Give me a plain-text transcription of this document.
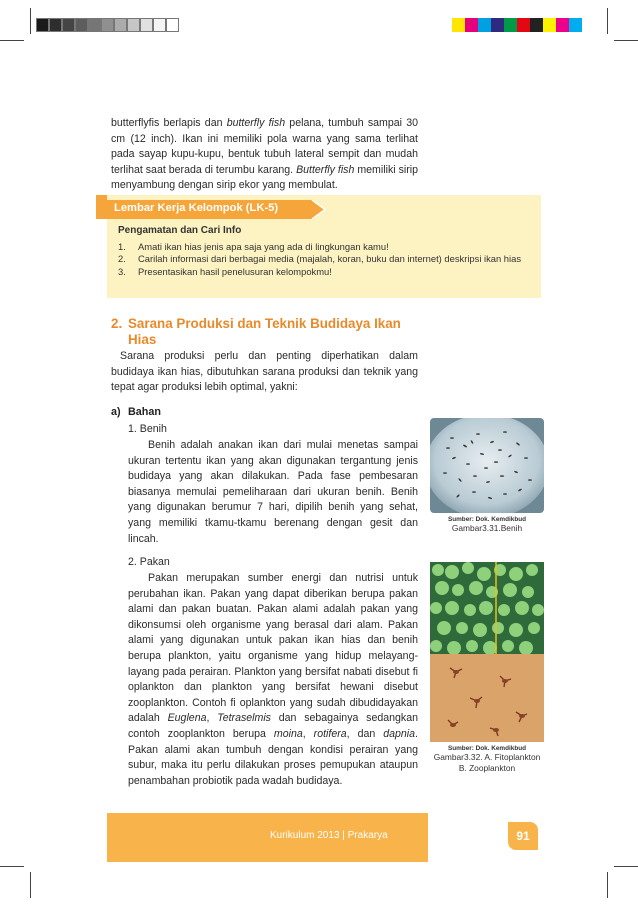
butterflyfis berlapis dan butterfly fish pelana, tumbuh sampai 30 cm (12 inch). Ikan ini memiliki pola warna yang sama terlihat pada sayap kupu-kupu, bentuk tubuh lateral sempit dan mudah terlihat saat berada di terumbu karang. Butterfly fish memiliki sirip menyambung dengan sirip ekor yang membulat.

Lembar Kerja Kelompok (LK-5)
Pengamatan dan Cari Info
1.	Amati ikan hias jenis apa saja yang ada di lingkungan kamu!
2.	Carilah informasi dari berbagai media (majalah, koran, buku dan internet) deskripsi ikan hias
3.	Presentasikan hasil penelusuran kelompokmu!
2. Sarana Produksi dan Teknik Budidaya Ikan Hias

Sarana produksi perlu dan penting diperhatikan dalam budidaya ikan hias, dibutuhkan sarana produksi dan teknik yang tepat agar produksi lebih optimal, yakni:

a) Bahan

1. Benih

Benih adalah anakan ikan dari mulai menetas sampai ukuran tertentu ikan yang akan digunakan tergantung jenis budidaya yang akan dilakukan. Pada fase pembesaran biasanya memulai pemeliharaan dari ukuran benih. Benih yang digunakan berumur 7 hari, dipilih benih yang sehat, yang memiliki tkamu-tkamu berenang dengan gesit dan lincah.

2. Pakan

Pakan merupakan sumber energi dan nutrisi untuk perubahan ikan. Pakan yang dapat diberikan berupa pakan alami dan pakan buatan. Pakan alami adalah pakan yang dikonsumsi oleh organisme yang berasal dari alam. Pakan alami yang digunakan untuk pakan ikan hias dan benih berupa plankton, yaitu organisme yang hidup melayang-layang pada perairan. Plankton yang bersifat nabati disebut fi oplankton dan plankton yang bersifat hewani disebut zooplankton. Contoh fi oplankton yang sudah dibudidayakan adalah Euglena, Tetraselmis dan sebagainya sedangkan contoh zooplankton berupa moina, rotifera, dan dapnia. Pakan alami akan tumbuh dengan kondisi perairan yang subur, maka itu perlu dilakukan proses pemupukan ataupun penambahan probiotik pada wadah budidaya.

Sumber: Dok. Kemdikbud
Gambar3.31.Benih
Sumber: Dok. Kemdikbud
Gambar3.32. A. Fitoplankton
B. Zooplankton
Kurikulum 2013 | Prakarya	91
